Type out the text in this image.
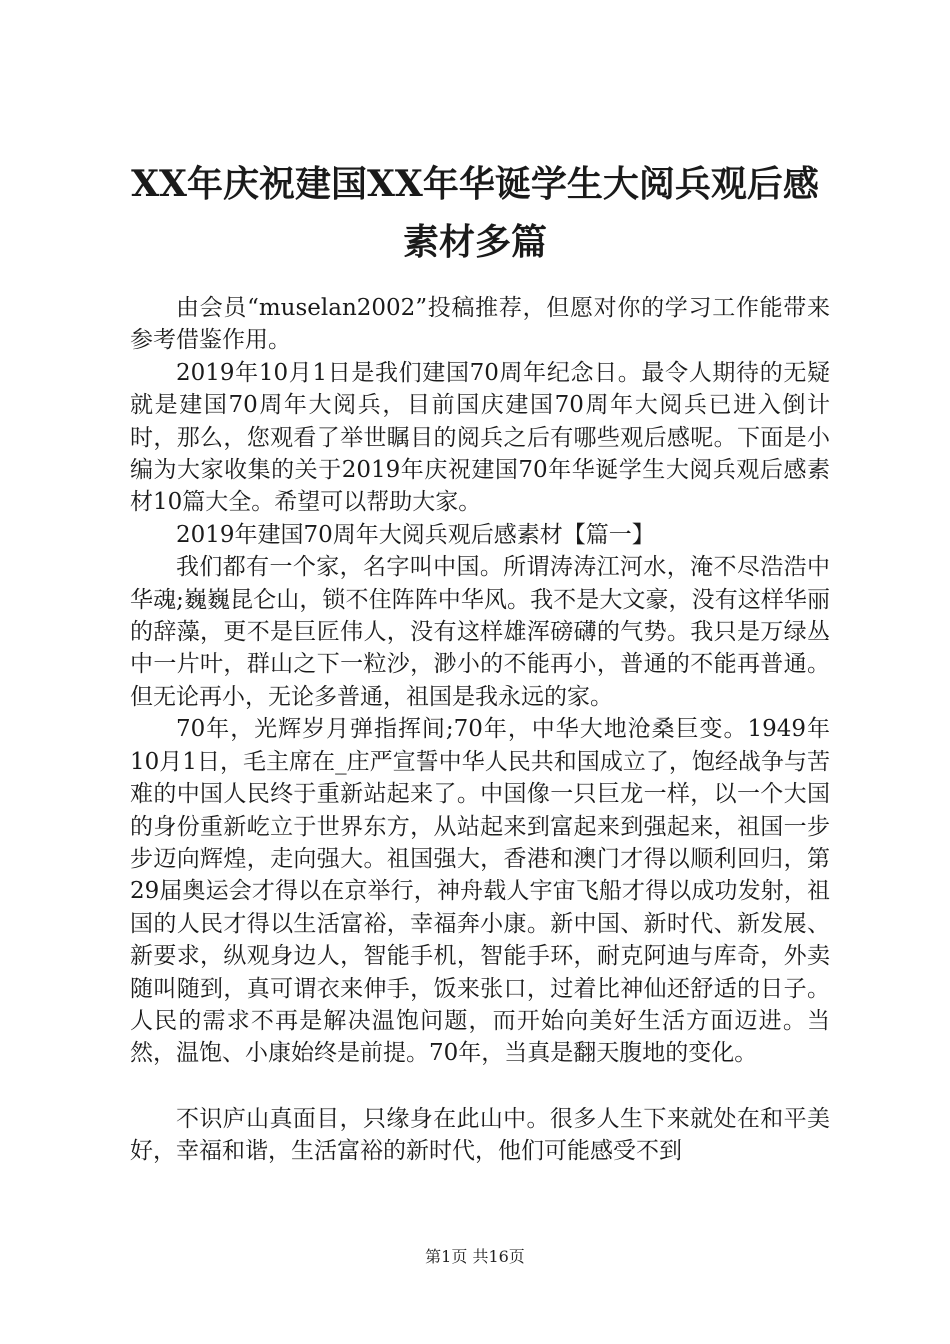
XX年庆祝建国XX年华诞学生大阅兵观后感素材多篇

由会员“muselan2002”投稿推荐，但愿对你的学习工作能带来参考借鉴作用。

2019年10月1日是我们建国70周年纪念日。最令人期待的无疑就是建国70周年大阅兵，目前国庆建国70周年大阅兵已进入倒计时，那么，您观看了举世瞩目的阅兵之后有哪些观后感呢。下面是小编为大家收集的关于2019年庆祝建国70年华诞学生大阅兵观后感素材10篇大全。希望可以帮助大家。

2019年建国70周年大阅兵观后感素材【篇一】

我们都有一个家，名字叫中国。所谓涛涛江河水，淹不尽浩浩中华魂;巍巍昆仑山，锁不住阵阵中华风。我不是大文豪，没有这样华丽的辞藻，更不是巨匠伟人，没有这样雄浑磅礴的气势。我只是万绿丛中一片叶，群山之下一粒沙，渺小的不能再小，普通的不能再普通。但无论再小，无论多普通，祖国是我永远的家。

70年，光辉岁月弹指挥间;70年，中华大地沧桑巨变。1949年10月1日，毛主席在_庄严宣誓中华人民共和国成立了，饱经战争与苦难的中国人民终于重新站起来了。中国像一只巨龙一样，以一个大国的身份重新屹立于世界东方，从站起来到富起来到强起来，祖国一步步迈向辉煌，走向强大。祖国强大，香港和澳门才得以顺利回归，第29届奥运会才得以在京举行，神舟载人宇宙飞船才得以成功发射，祖国的人民才得以生活富裕，幸福奔小康。新中国、新时代、新发展、新要求，纵观身边人，智能手机，智能手环，耐克阿迪与库奇，外卖随叫随到，真可谓衣来伸手，饭来张口，过着比神仙还舒适的日子。人民的需求不再是解决温饱问题，而开始向美好生活方面迈进。当然，温饱、小康始终是前提。70年，当真是翻天腹地的变化。

不识庐山真面目，只缘身在此山中。很多人生下来就处在和平美好，幸福和谐，生活富裕的新时代，他们可能感受不到

第1页 共16页
